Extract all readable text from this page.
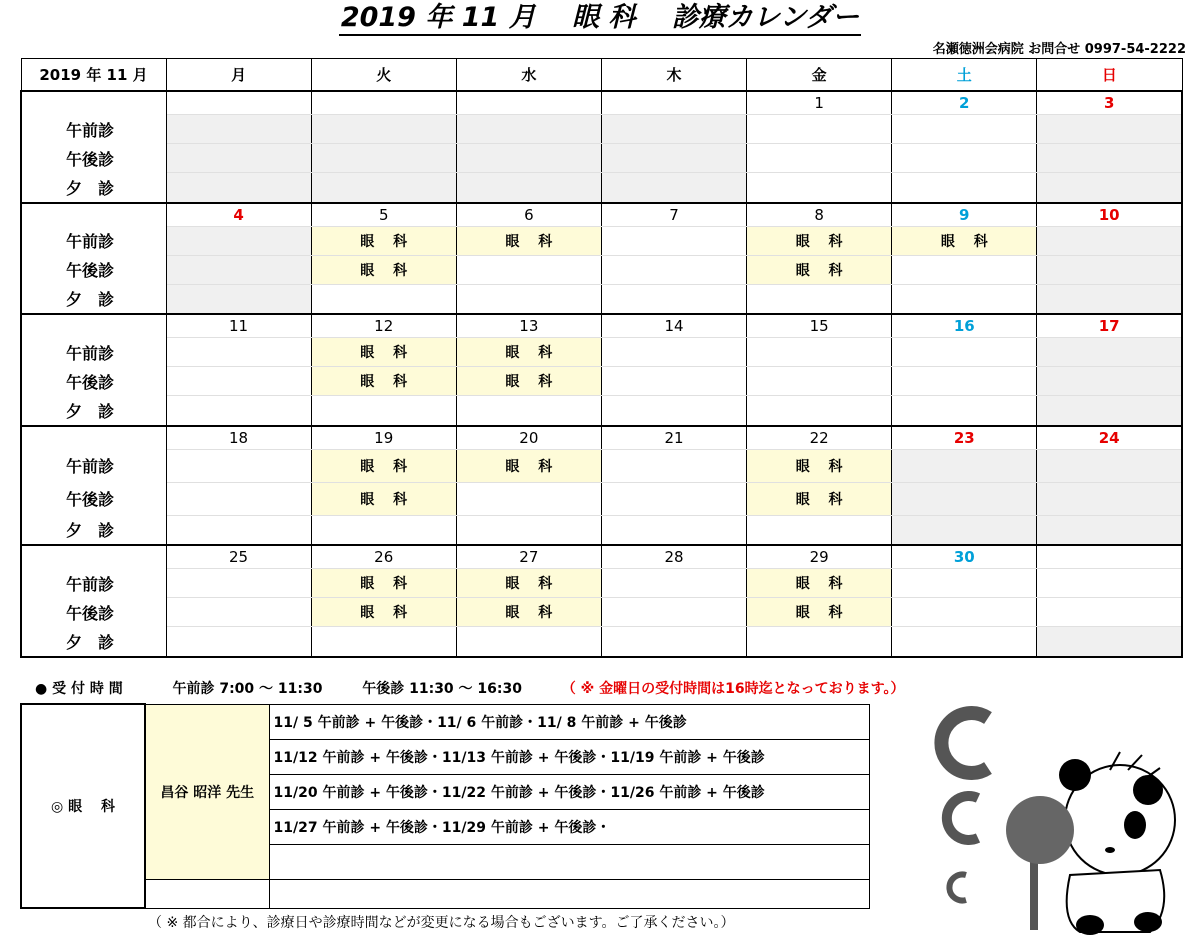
2019 年 11 月　 眼 科　 診療カレンダー
名瀬徳洲会病院 お問合せ 0997-54-2222
2019 年 11 月	月	火	水	木	金	土	日
					1	2	3
午前診							
午後診							
夕　診							
	4	5	6	7	8	9	10
午前診		眼　 科	眼　 科		眼　 科	眼　 科	
午後診		眼　 科			眼　 科		
夕　診							
	11	12	13	14	15	16	17
午前診		眼　 科	眼　 科				
午後診		眼　 科	眼　 科				
夕　診							
	18	19	20	21	22	23	24
午前診		眼　 科	眼　 科		眼　 科		
午後診		眼　 科			眼　 科		
夕　診							
	25	26	27	28	29	30	
午前診		眼　 科	眼　 科		眼　 科		
午後診		眼　 科	眼　 科		眼　 科		
夕　診							
● 受 付 時 間	午前診 7:00 ～ 11:30	午後診 11:30 ～ 16:30	（ ※ 金曜日の受付時間は16時迄となっております。）
◎ 眼　 科	昌谷 昭洋 先生	11/ 5 午前診 + 午後診・11/ 6 午前診・11/ 8 午前診 + 午後診
		11/12 午前診 + 午後診・11/13 午前診 + 午後診・11/19 午前診 + 午後診
		11/20 午前診 + 午後診・11/22 午前診 + 午後診・11/26 午前診 + 午後診
		11/27 午前診 + 午後診・11/29 午前診 + 午後診・

（ ※ 都合により、診療日や診療時間などが変更になる場合もございます。ご了承ください。）
